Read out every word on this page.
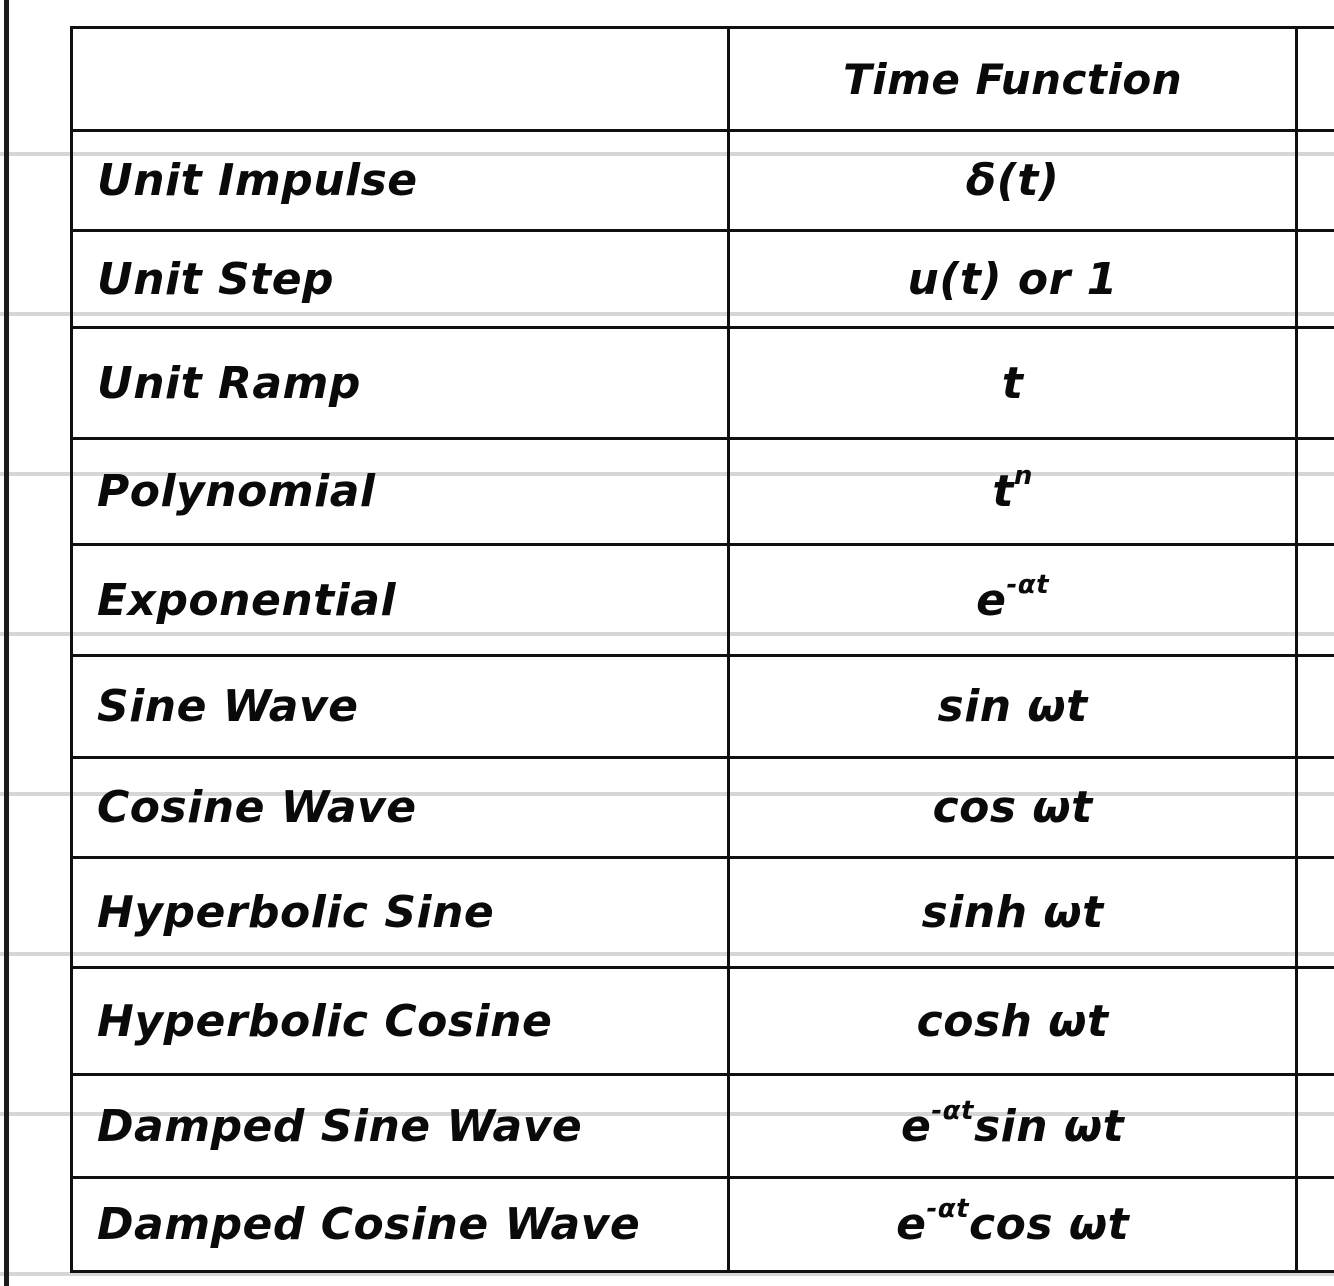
	Time Function	
Unit Impulse	δ(t)	
Unit Step	u(t) or 1	
Unit Ramp	t	
Polynomial	$t^n$	
Exponential	$e^{-\alpha t}$	
Sine Wave	sin ωt	
Cosine Wave	cos ωt	
Hyperbolic Sine	sinh ωt	
Hyperbolic Cosine	cosh ωt	
Damped Sine Wave	$e^{-\alpha t}\sin$ ωt	
Damped Cosine Wave	$e^{-\alpha t}\cos$ ωt	
